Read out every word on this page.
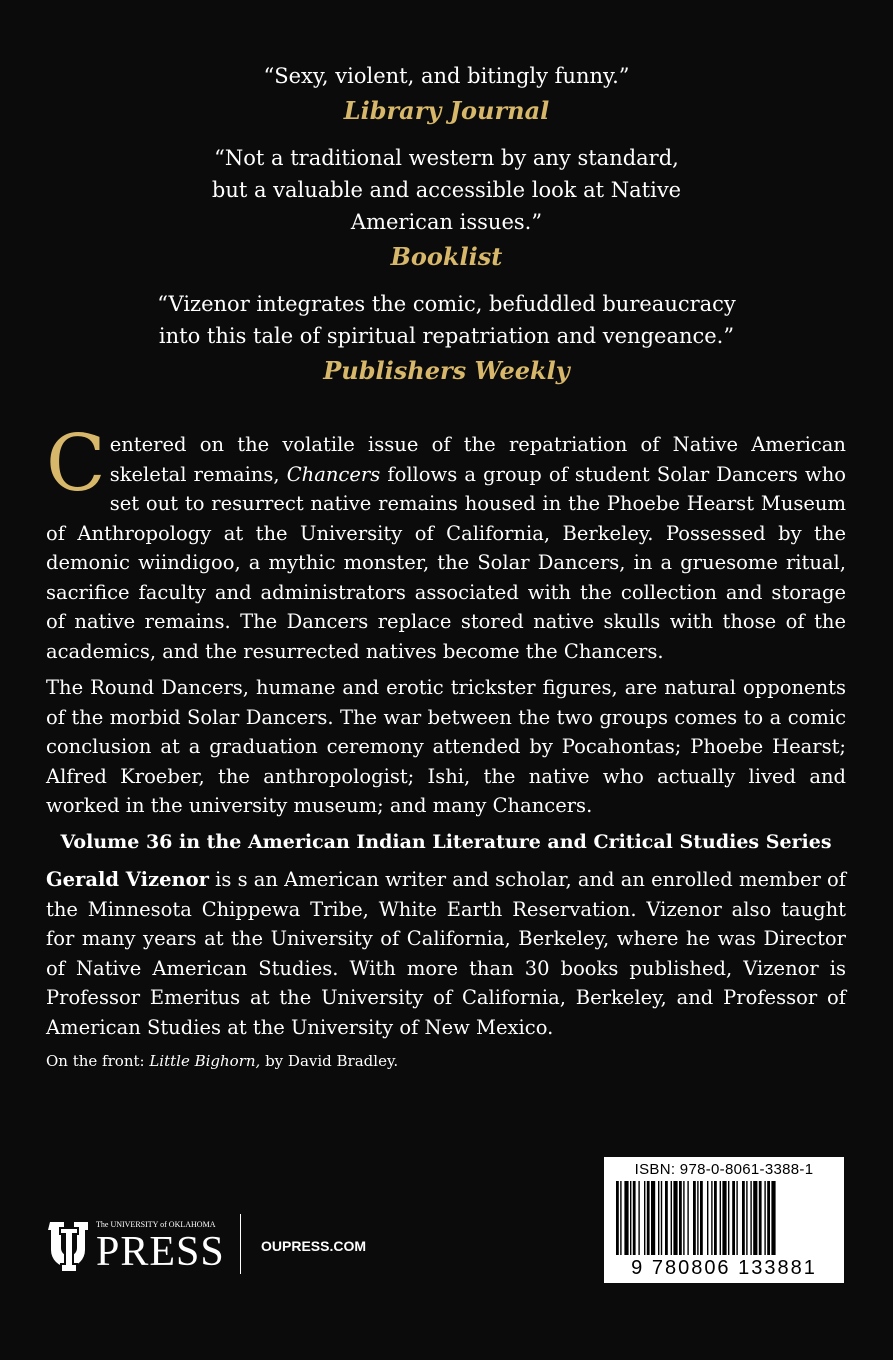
“Sexy, violent, and bitingly funny.”

Library Journal

“Not a traditional western by any standard, but a valuable and accessible look at Native American issues.”

Booklist

“Vizenor integrates the comic, befuddled bureaucracy into this tale of spiritual repatriation and vengeance.”

Publishers Weekly

Centered on the volatile issue of the repatriation of Native American skeletal remains, Chancers follows a group of student Solar Dancers who set out to resurrect native remains housed in the Phoebe Hearst Museum of Anthropology at the University of California, Berkeley. Possessed by the demonic wiindigoo, a mythic monster, the Solar Dancers, in a gruesome ritual, sacrifice faculty and administrators associated with the collection and storage of native remains. The Dancers replace stored native skulls with those of the academics, and the resurrected natives become the Chancers.

The Round Dancers, humane and erotic trickster figures, are natural opponents of the morbid Solar Dancers. The war between the two groups comes to a comic conclusion at a graduation ceremony attended by Pocahontas; Phoebe Hearst; Alfred Kroeber, the anthropologist; Ishi, the native who actually lived and worked in the university museum; and many Chancers.

Volume 36 in the American Indian Literature and Critical Studies Series

Gerald Vizenor is s an American writer and scholar, and an enrolled member of the Minnesota Chippewa Tribe, White Earth Reservation. Vizenor also taught for many years at the University of California, Berkeley, where he was Director of Native American Studies. With more than 30 books published, Vizenor is Professor Emeritus at the University of California, Berkeley, and Professor of American Studies at the University of New Mexico.

On the front: Little Bighorn, by David Bradley.

The UNIVERSITY of OKLAHOMA
PRESS	OUPRESS.COM
ISBN: 978-0-8061-3388-1
9 780806 133881
